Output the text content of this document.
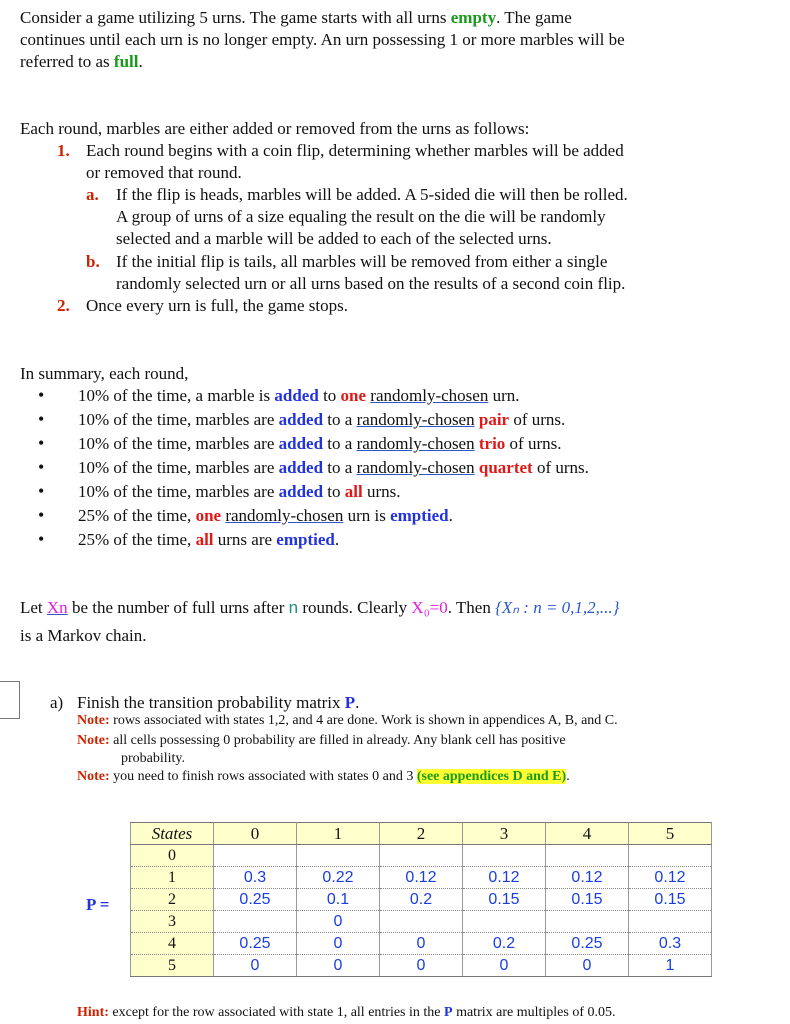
Consider a game utilizing 5 urns. The game starts with all urns empty. The game
continues until each urn is no longer empty. An urn possessing 1 or more marbles will be
referred to as full.
Each round, marbles are either added or removed from the urns as follows:
1. Each round begins with a coin flip, determining whether marbles will be added
or removed that round.
a. If the flip is heads, marbles will be added. A 5-sided die will then be rolled.
A group of urns of a size equaling the result on the die will be randomly
selected and a marble will be added to each of the selected urns.
b. If the initial flip is tails, all marbles will be removed from either a single
randomly selected urn or all urns based on the results of a second coin flip.
2. Once every urn is full, the game stops.
In summary, each round,
• 10% of the time, a marble is added to one randomly-chosen urn.
• 10% of the time, marbles are added to a randomly-chosen pair of urns.
• 10% of the time, marbles are added to a randomly-chosen trio of urns.
• 10% of the time, marbles are added to a randomly-chosen quartet of urns.
• 10% of the time, marbles are added to all urns.
• 25% of the time, one randomly-chosen urn is emptied.
• 25% of the time, all urns are emptied.
Let Xn be the number of full urns after n rounds. Clearly X₀=0. Then {Xₙ : n = 0,1,2,...}
is a Markov chain.
a) Finish the transition probability matrix P.
Note: rows associated with states 1,2, and 4 are done. Work is shown in appendices A, B, and C.
Note: all cells possessing 0 probability are filled in already. Any blank cell has positive
probability.
Note: you need to finish rows associated with states 0 and 3 (see appendices D and E).
P =
States	0	1	2	3	4	5
0						
1	0.3	0.22	0.12	0.12	0.12	0.12
2	0.25	0.1	0.2	0.15	0.15	0.15
3		0				
4	0.25	0	0	0.2	0.25	0.3
5	0	0	0	0	0	1
Hint: except for the row associated with state 1, all entries in the P matrix are multiples of 0.05.
